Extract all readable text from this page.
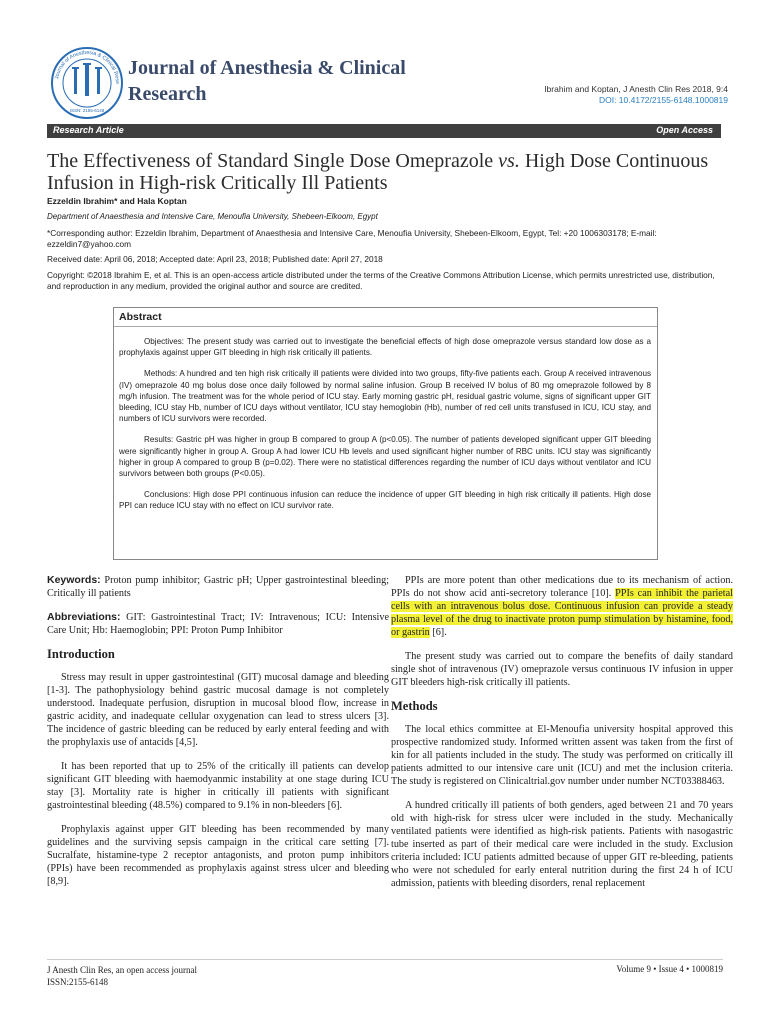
Journal of Anesthesia & Clinical Rese
ISSN: 2155-6148
Journal of Anesthesia & Clinical
Research	Ibrahim and Koptan, J Anesth Clin Res 2018, 9:4
DOI: 10.4172/2155-6148.1000819
Research Article	Open Access
The Effectiveness of Standard Single Dose Omeprazole vs. High Dose Continuous Infusion in High-risk Critically Ill Patients
Ezzeldin Ibrahim* and Hala Koptan
Department of Anaesthesia and Intensive Care, Menoufia University, Shebeen-Elkoom, Egypt
*Corresponding author: Ezzeldin Ibrahim, Department of Anaesthesia and Intensive Care, Menoufia University, Shebeen-Elkoom, Egypt, Tel: +20 1006303178; E-mail: ezzeldin7@yahoo.com
Received date: April 06, 2018; Accepted date: April 23, 2018; Published date: April 27, 2018
Copyright: ©2018 Ibrahim E, et al. This is an open-access article distributed under the terms of the Creative Commons Attribution License, which permits unrestricted use, distribution, and reproduction in any medium, provided the original author and source are credited.
Abstract

Objectives: The present study was carried out to investigate the beneficial effects of high dose omeprazole versus standard low dose as a prophylaxis against upper GIT bleeding in high risk critically ill patients.

Methods: A hundred and ten high risk critically ill patients were divided into two groups, fifty-five patients each. Group A received intravenous (IV) omeprazole 40 mg bolus dose once daily followed by normal saline infusion. Group B received IV bolus of 80 mg omeprazole followed by 8 mg/h infusion. The treatment was for the whole period of ICU stay. Early morning gastric pH, residual gastric volume, signs of significant upper GIT bleeding, ICU stay Hb, number of ICU days without ventilator, ICU stay hemoglobin (Hb), number of red cell units transfused in ICU, ICU stay, and numbers of ICU survivors were recorded.

Results: Gastric pH was higher in group B compared to group A (p<0.05). The number of patients developed significant upper GIT bleeding were significantly higher in group A. Group A had lower ICU Hb levels and used significant higher number of RBC units. ICU stay was significantly higher in group A compared to group B (p=0.02). There were no statistical differences regarding the number of ICU days without ventilator and ICU survivors between both groups (P<0.05).

Conclusions: High dose PPI continuous infusion can reduce the incidence of upper GIT bleeding in high risk critically ill patients. High dose PPI can reduce ICU stay with no effect on ICU survivor rate.

Keywords: Proton pump inhibitor; Gastric pH; Upper gastrointestinal bleeding; Critically ill patients

Abbreviations: GIT: Gastrointestinal Tract; IV: Intravenous; ICU: Intensive Care Unit; Hb: Haemoglobin; PPI: Proton Pump Inhibitor

Introduction

Stress may result in upper gastrointestinal (GIT) mucosal damage and bleeding [1-3]. The pathophysiology behind gastric mucosal damage is not completely understood. Inadequate perfusion, disruption in mucosal blood flow, increase in gastric acidity, and inadequate cellular oxygenation can lead to stress ulcers [3]. The incidence of gastric bleeding can be reduced by early enteral feeding and with the prophylaxis use of antacids [4,5].

It has been reported that up to 25% of the critically ill patients can develop significant GIT bleeding with haemodyanmic instability at one stage during ICU stay [3]. Mortality rate is higher in critically ill patients with significant gastrointestinal bleeding (48.5%) compared to 9.1% in non-bleeders [6].

Prophylaxis against upper GIT bleeding has been recommended by many guidelines and the surviving sepsis campaign in the critical care setting [7]. Sucralfate, histamine-type 2 receptor antagonists, and proton pump inhibitors (PPIs) have been recommended as prophylaxis against stress ulcer and bleeding [8,9].

PPIs are more potent than other medications due to its mechanism of action. PPIs do not show acid anti-secretory tolerance [10]. PPIs can inhibit the parietal cells with an intravenous bolus dose. Continuous infusion can provide a steady plasma level of the drug to inactivate proton pump stimulation by histamine, food, or gastrin [6].

The present study was carried out to compare the benefits of daily standard single shot of intravenous (IV) omeprazole versus continuous IV infusion in upper GIT bleeders high-risk critically ill patients.

Methods

The local ethics committee at El-Menoufia university hospital approved this prospective randomized study. Informed written assent was taken from the first of kin for all patients included in the study. The study was performed on critically ill patients admitted to our intensive care unit (ICU) and met the inclusion criteria. The study is registered on Clinicaltrial.gov number under number NCT03388463.

A hundred critically ill patients of both genders, aged between 21 and 70 years old with high-risk for stress ulcer were included in the study. Mechanically ventilated patients were identified as high-risk patients. Patients with nasogastric tube inserted as part of their medical care were included in the study. Exclusion criteria included: ICU patients admitted because of upper GIT re-bleeding, patients who were not scheduled for early enteral nutrition during the first 24 h of ICU admission, patients with bleeding disorders, renal replacement

J Anesth Clin Res, an open access journal
ISSN:2155-6148
Volume 9 • Issue 4 • 1000819
